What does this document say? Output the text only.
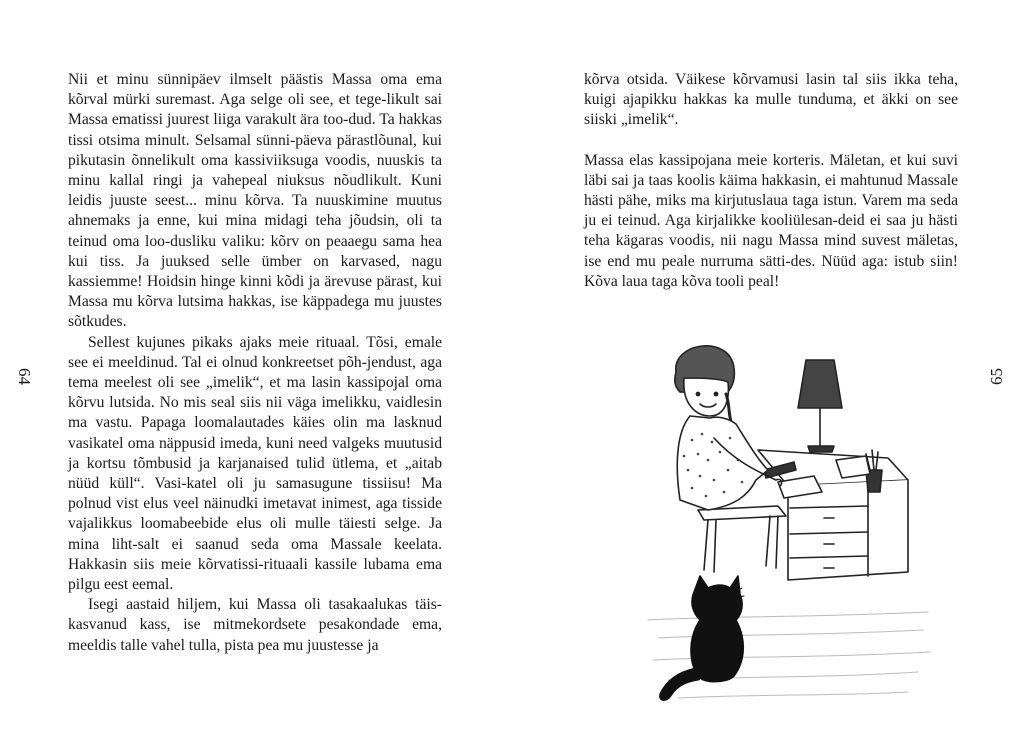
64

Nii et minu sünnipäev ilmselt päästis Massa oma ema kõrval mürki suremast. Aga selge oli see, et tege-likult sai Massa ematissi juurest liiga varakult ära too-dud. Ta hakkas tissi otsima minult. Selsamal sünni-päeva pärastlõunal, kui pikutasin õnnelikult oma kassiviiksuga voodis, nuuskis ta minu kallal ringi ja vahepeal niuksus nõudlikult. Kuni leidis juuste seest... minu kõrva. Ta nuuskimine muutus ahnemaks ja enne, kui mina midagi teha jõudsin, oli ta teinud oma loo-dusliku valiku: kõrv on peaaegu sama hea kui tiss. Ja juuksed selle ümber on karvased, nagu kassiemme! Hoidsin hinge kinni kõdi ja ärevuse pärast, kui Massa mu kõrva lutsima hakkas, ise käppadega mu juustes sõtkudes.

Sellest kujunes pikaks ajaks meie rituaal. Tõsi, emale see ei meeldinud. Tal ei olnud konkreetset põh-jendust, aga tema meelest oli see „imelik“, et ma lasin kassipojal oma kõrvu lutsida. No mis seal siis nii väga imelikku, vaidlesin ma vastu. Papaga loomalautades käies olin ma lasknud vasikatel oma näppusid imeda, kuni need valgeks muutusid ja kortsu tõmbusid ja karjanaised tulid ütlema, et „aitab nüüd küll“. Vasi-katel oli ju samasugune tissiisu! Ma polnud vist elus veel näinudki imetavat inimest, aga tisside vajalikkus loomabeebide elus oli mulle täiesti selge. Ja mina liht-salt ei saanud seda oma Massale keelata. Hakkasin siis meie kõrvatissi-rituaali kassile lubama ema pilgu eest eemal.

Isegi aastaid hiljem, kui Massa oli tasakaalukas täis-kasvanud kass, ise mitmekordsete pesakondade ema, meeldis talle vahel tulla, pista pea mu juustesse ja

kõrva otsida. Väikese kõrvamusi lasin tal siis ikka teha, kuigi ajapikku hakkas ka mulle tunduma, et äkki on see siiski „imelik“.

Massa elas kassipojana meie korteris. Mäletan, et kui suvi läbi sai ja taas koolis käima hakkasin, ei mahtunud Massale hästi pähe, miks ma kirjutuslaua taga istun. Varem ma seda ju ei teinud. Aga kirjalikke kooliülesan-deid ei saa ju hästi teha kägaras voodis, nii nagu Massa mind suvest mäletas, ise end mu peale nurruma sätti-des. Nüüd aga: istub siin! Kõva laua taga kõva tooli peal!

65
